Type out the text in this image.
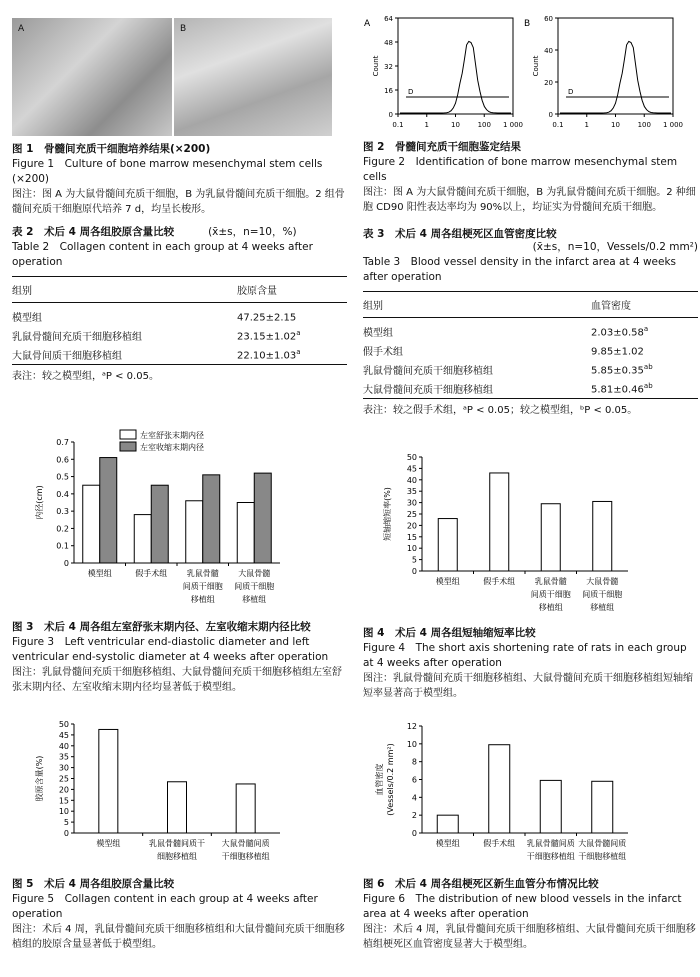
A	B

图 1　骨髓间充质干细胞培养结果(×200)

Figure 1　Culture of bone marrow mesenchymal stem cells (×200)

图注：图 A 为大鼠骨髓间充质干细胞，B 为乳鼠骨髓间充质干细胞。2 组骨髓间充质干细胞原代培养 7 d，均呈长梭形。

表 2　术后 4 周各组胶原含量比较	(x̄±s，n=10，%)

Table 2　Collagen content in each group at 4 weeks after operation

组别	胶原含量
模型组	47.25±2.15
乳鼠骨髓间充质干细胞移植组	23.15±1.02$^a$
大鼠骨间质干细胞移植组	22.10±1.03$^a$

表注：较之模型组，ᵃP < 0.05。

0
0.1
0.2
0.3
0.4
0.5
0.6
0.7
内径(cm)
模型组	假手术组 乳鼠骨髓
间质干细胞
移植组
大鼠骨髓
间质干细胞
移植组
左室舒张末期内径
左室收缩末期内径

图 3　术后 4 周各组左室舒张末期内径、左室收缩末期内径比较

Figure 3　Left ventricular end-diastolic diameter and left ventricular end-systolic diameter at 4 weeks after operation

图注：乳鼠骨髓间充质干细胞移植组、大鼠骨髓间充质干细胞移植组左室舒张末期内径、左室收缩末期内径均显著低于模型组。

0
5
10
15
20
25
30
35
40
45
50
胶原含量(%)
模型组	乳鼠骨髓间质干
细胞移植组
大鼠骨髓间质
干细胞移植组

图 5　术后 4 周各组胶原含量比较

Figure 5　Collagen content in each group at 4 weeks after operation

图注：术后 4 周，乳鼠骨髓间充质干细胞移植组和大鼠骨髓间充质干细胞移植组的胶原含量显著低于模型组。

A
0
16
32
48
64
Count
0.1	1	10	100 1 000
D
B
0
20
40
60
Count
0.1	1	10	100 1 000
D

图 2　骨髓间充质干细胞鉴定结果

Figure 2　Identification of bone marrow mesenchymal stem cells

图注：图 A 为大鼠骨髓间充质干细胞，B 为乳鼠骨髓间充质干细胞。2 种细胞 CD90 阳性表达率均为 90%以上，均证实为骨髓间充质干细胞。

表 3　术后 4 周各组梗死区血管密度比较

(x̄±s，n=10，Vessels/0.2 mm²)

Table 3　Blood vessel density in the infarct area at 4 weeks after operation

组别	血管密度
模型组	2.03±0.58$^a$
假手术组	9.85±1.02
乳鼠骨髓间充质干细胞移植组	5.85±0.35$^{ab}$
大鼠骨髓间充质干细胞移植组	5.81±0.46$^{ab}$

表注：较之假手术组，ᵃP < 0.05；较之模型组，ᵇP < 0.05。

0
5
10
15
20
25
30
35
40
45
50
短轴缩短率(%)
模型组	假手术组 乳鼠骨髓
间质干细胞
移植组
大鼠骨髓
间质干细胞
移植组

图 4　术后 4 周各组短轴缩短率比较

Figure 4　The short axis shortening rate of rats in each group at 4 weeks after operation

图注：乳鼠骨髓间充质干细胞移植组、大鼠骨髓间充质干细胞移植组短轴缩短率显著高于模型组。

0
2
4
6
8
10
12
血管密度 (Vessels/0.2 mm²)
模型组	假手术组 乳鼠骨髓间质
干细胞移植组
大鼠骨髓间质
干细胞移植组

图 6　术后 4 周各组梗死区新生血管分布情况比较

Figure 6　The distribution of new blood vessels in the infarct area at 4 weeks after operation

图注：术后 4 周，乳鼠骨髓间充质干细胞移植组、大鼠骨髓间充质干细胞移植组梗死区血管密度显著大于模型组。
